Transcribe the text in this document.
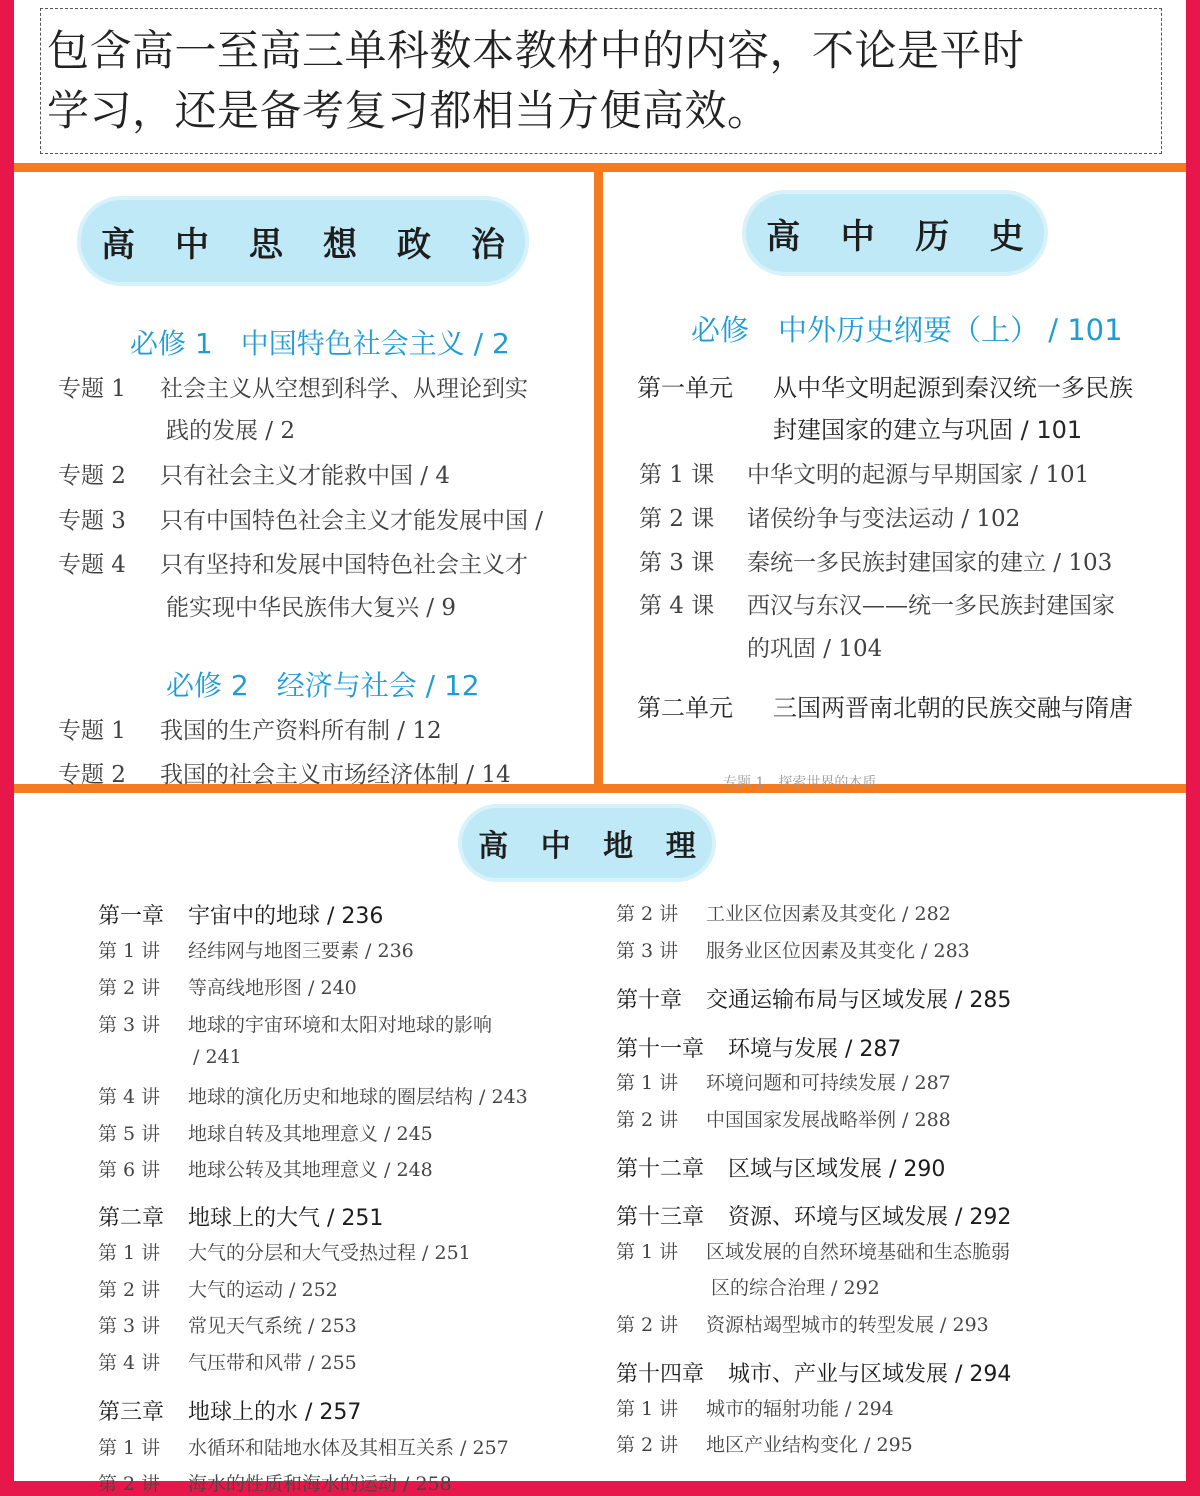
包含高一至高三单科数本教材中的内容，不论是平时

学习，还是备考复习都相当方便高效。

高 中 思 想 政 治
必修 1　中国特色社会主义 / 2
专题 1 社会主义从空想到科学、从理论到实
践的发展 / 2
专题 2 只有社会主义才能救中国 / 4
专题 3 只有中国特色社会主义才能发展中国 /
专题 4 只有坚持和发展中国特色社会主义才
能实现中华民族伟大复兴 / 9
必修 2　经济与社会 / 12
专题 1 我国的生产资料所有制 / 12
专题 2 我国的社会主义市场经济体制 / 14
高 中 历 史
必修　中外历史纲要（上） / 101
第一单元 从中华文明起源到秦汉统一多民族
封建国家的建立与巩固 / 101
第 1 课 中华文明的起源与早期国家 / 101
第 2 课 诸侯纷争与变法运动 / 102
第 3 课 秦统一多民族封建国家的建立 / 103
第 4 课 西汉与东汉——统一多民族封建国家
的巩固 / 104
第二单元 三国两晋南北朝的民族交融与隋唐
专题 1　探索世界的本质
高 中 地 理
第一章 宇宙中的地球 / 236
第 1 讲 经纬网与地图三要素 / 236
第 2 讲 等高线地形图 / 240
第 3 讲 地球的宇宙环境和太阳对地球的影响
/ 241
第 4 讲 地球的演化历史和地球的圈层结构 / 243
第 5 讲 地球自转及其地理意义 / 245
第 6 讲 地球公转及其地理意义 / 248
第二章 地球上的大气 / 251
第 1 讲 大气的分层和大气受热过程 / 251
第 2 讲 大气的运动 / 252
第 3 讲 常见天气系统 / 253
第 4 讲 气压带和风带 / 255
第三章 地球上的水 / 257
第 1 讲 水循环和陆地水体及其相互关系 / 257
第 2 讲 海水的性质和海水的运动 / 258
第 2 讲 工业区位因素及其变化 / 282
第 3 讲 服务业区位因素及其变化 / 283
第十章 交通运输布局与区域发展 / 285
第十一章 环境与发展 / 287
第 1 讲 环境问题和可持续发展 / 287
第 2 讲 中国国家发展战略举例 / 288
第十二章 区域与区域发展 / 290
第十三章 资源、环境与区域发展 / 292
第 1 讲 区域发展的自然环境基础和生态脆弱
区的综合治理 / 292
第 2 讲 资源枯竭型城市的转型发展 / 293
第十四章 城市、产业与区域发展 / 294
第 1 讲 城市的辐射功能 / 294
第 2 讲 地区产业结构变化 / 295
